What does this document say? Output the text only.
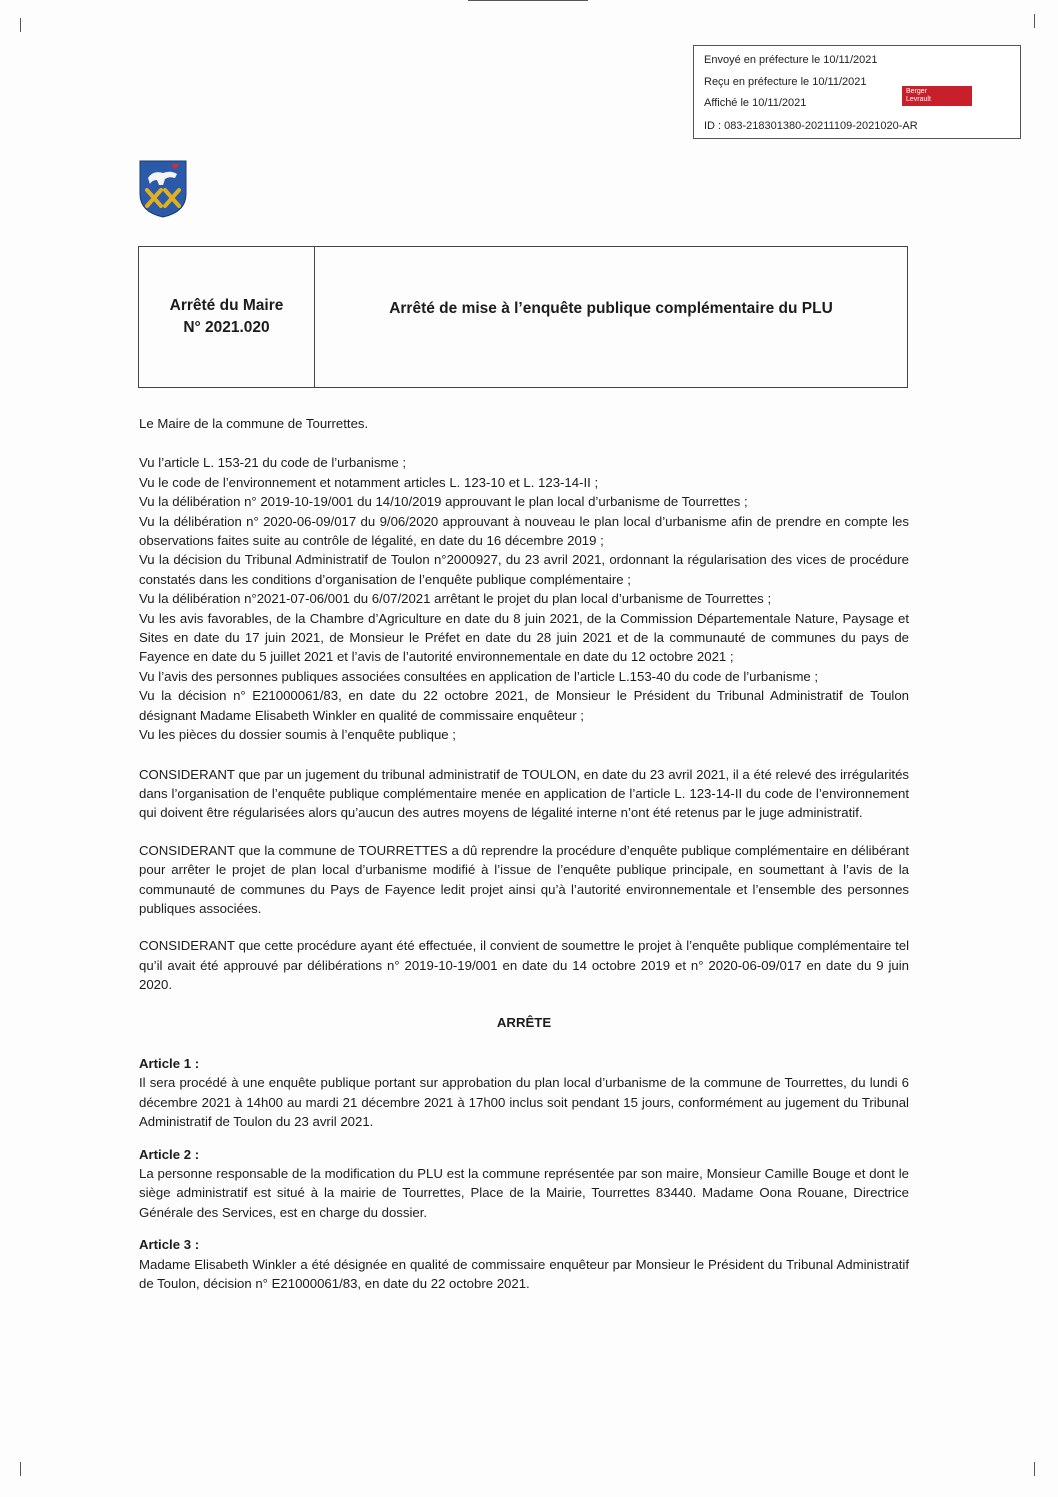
Envoyé en préfecture le 10/11/2021
Reçu en préfecture le 10/11/2021
Affiché le 10/11/2021
ID : 083-218301380-20211109-2021020-AR
Berger
Levrault
Arrêté du Maire
N° 2021.020
Arrêté de mise à l’enquête publique complémentaire du PLU

Le Maire de la commune de Tourrettes.

Vu l’article L. 153-21 du code de l’urbanisme ;

Vu le code de l’environnement et notamment articles L. 123-10 et L. 123-14-II ;

Vu la délibération n° 2019-10-19/001 du 14/10/2019 approuvant le plan local d’urbanisme de Tourrettes ;

Vu la délibération n° 2020-06-09/017 du 9/06/2020 approuvant à nouveau le plan local d’urbanisme afin de prendre en compte les observations faites suite au contrôle de légalité, en date du 16 décembre 2019 ;

Vu la décision du Tribunal Administratif de Toulon n°2000927, du 23 avril 2021, ordonnant la régularisation des vices de procédure constatés dans les conditions d’organisation de l’enquête publique complémentaire ;

Vu la délibération n°2021-07-06/001 du 6/07/2021 arrêtant le projet du plan local d’urbanisme de Tourrettes ;

Vu les avis favorables, de la Chambre d’Agriculture en date du 8 juin 2021, de la Commission Départementale Nature, Paysage et Sites en date du 17 juin 2021, de Monsieur le Préfet en date du 28 juin 2021 et de la communauté de communes du pays de Fayence en date du 5 juillet 2021 et l’avis de l’autorité environnementale en date du 12 octobre 2021 ;

Vu l’avis des personnes publiques associées consultées en application de l’article L.153-40 du code de l’urbanisme ;

Vu la décision n° E21000061/83, en date du 22 octobre 2021, de Monsieur le Président du Tribunal Administratif de Toulon désignant Madame Elisabeth Winkler en qualité de commissaire enquêteur ;

Vu les pièces du dossier soumis à l’enquête publique ;

CONSIDERANT que par un jugement du tribunal administratif de TOULON, en date du 23 avril 2021, il a été relevé des irrégularités dans l’organisation de l’enquête publique complémentaire menée en application de l’article L. 123-14-II du code de l’environnement qui doivent être régularisées alors qu’aucun des autres moyens de légalité interne n’ont été retenus par le juge administratif.

CONSIDERANT que la commune de TOURRETTES a dû reprendre la procédure d’enquête publique complémentaire en délibérant pour arrêter le projet de plan local d’urbanisme modifié à l’issue de l’enquête publique principale, en soumettant à l’avis de la communauté de communes du Pays de Fayence ledit projet ainsi qu’à l’autorité environnementale et l’ensemble des personnes publiques associées.

CONSIDERANT que cette procédure ayant été effectuée, il convient de soumettre le projet à l’enquête publique complémentaire tel qu’il avait été approuvé par délibérations n° 2019-10-19/001 en date du 14 octobre 2019 et n° 2020-06-09/017 en date du 9 juin 2020.

ARRÊTE

Article 1 :

Il sera procédé à une enquête publique portant sur approbation du plan local d’urbanisme de la commune de Tourrettes, du lundi 6 décembre 2021 à 14h00 au mardi 21 décembre 2021 à 17h00 inclus soit pendant 15 jours, conformément au jugement du Tribunal Administratif de Toulon du 23 avril 2021.

Article 2 :

La personne responsable de la modification du PLU est la commune représentée par son maire, Monsieur Camille Bouge et dont le siège administratif est situé à la mairie de Tourrettes, Place de la Mairie, Tourrettes 83440. Madame Oona Rouane, Directrice Générale des Services, est en charge du dossier.

Article 3 :

Madame Elisabeth Winkler a été désignée en qualité de commissaire enquêteur par Monsieur le Président du Tribunal Administratif de Toulon, décision n° E21000061/83, en date du 22 octobre 2021.
